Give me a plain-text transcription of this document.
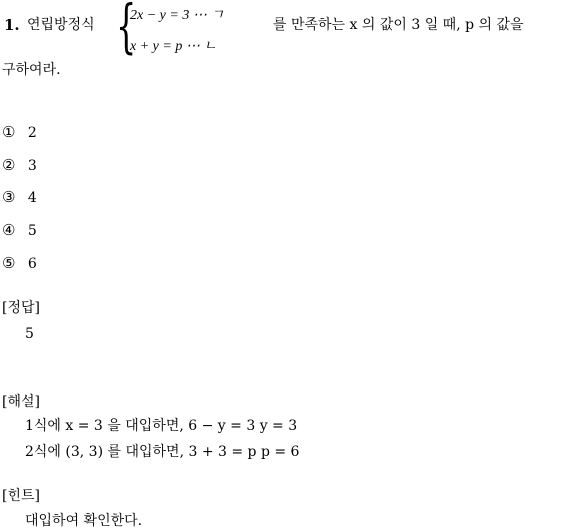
1. 연립방정식 {
2x − y = 3 ⋯ ㄱ
x + y = p ⋯ ㄴ
를 만족하는 x 의 값이 3 일 때, p 의 값을
구하여라.
① 2
② 3
③ 4
④ 5
⑤ 6
[정답]
5
[해설]
1식에 x = 3 을 대입하면, 6 − y = 3 y = 3
2식에 (3, 3) 를 대입하면, 3 + 3 = p p = 6
[힌트]
대입하여 확인한다.
